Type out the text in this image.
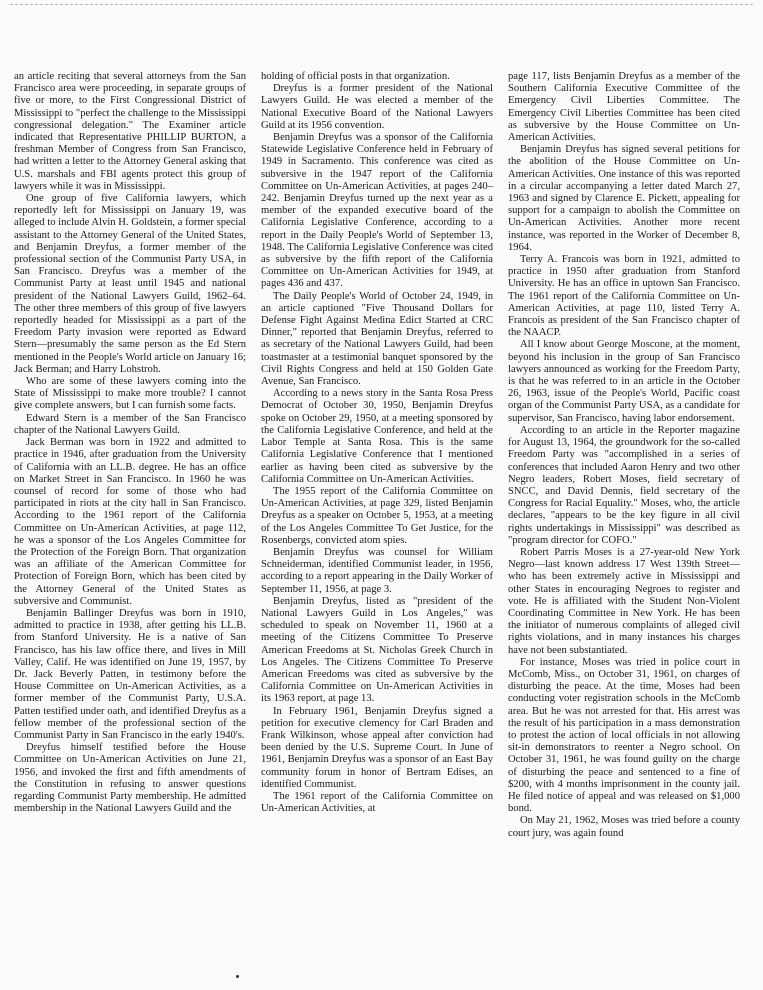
an article reciting that several attorneys from the San Francisco area were proceeding, in separate groups of five or more, to the First Congressional District of Mississippi to "perfect the challenge to the Mississippi congressional delegation." The Examiner article indicated that Representative PHILLIP BURTON, a freshman Member of Congress from San Francisco, had written a letter to the Attorney General asking that U.S. marshals and FBI agents protect this group of lawyers while it was in Mississippi.

One group of five California lawyers, which reportedly left for Mississippi on January 19, was alleged to include Alvin H. Goldstein, a former special assistant to the Attorney General of the United States, and Benjamin Dreyfus, a former member of the professional section of the Communist Party USA, in San Francisco. Dreyfus was a member of the Communist Party at least until 1945 and national president of the National Lawyers Guild, 1962–64. The other three members of this group of five lawyers reportedly headed for Mississippi as a part of the Freedom Party invasion were reported as Edward Stern—presumably the same person as the Ed Stern mentioned in the People's World article on January 16; Jack Berman; and Harry Lohstroh.

Who are some of these lawyers coming into the State of Mississippi to make more trouble? I cannot give complete answers, but I can furnish some facts.

Edward Stern is a member of the San Francisco chapter of the National Lawyers Guild.

Jack Berman was born in 1922 and admitted to practice in 1946, after graduation from the University of California with an LL.B. degree. He has an office on Market Street in San Francisco. In 1960 he was counsel of record for some of those who had participated in riots at the city hall in San Francisco. According to the 1961 report of the California Committee on Un-American Activities, at page 112, he was a sponsor of the Los Angeles Committee for the Protection of the Foreign Born. That organization was an affiliate of the American Committee for Protection of Foreign Born, which has been cited by the Attorney General of the United States as subversive and Communist.

Benjamin Ballinger Dreyfus was born in 1910, admitted to practice in 1938, after getting his LL.B. from Stanford University. He is a native of San Francisco, has his law office there, and lives in Mill Valley, Calif. He was identified on June 19, 1957, by Dr. Jack Beverly Patten, in testimony before the House Committee on Un-American Activities, as a former member of the Communist Party, U.S.A. Patten testified under oath, and identified Dreyfus as a fellow member of the professional section of the Communist Party in San Francisco in the early 1940's.

Dreyfus himself testified before the House Committee on Un-American Activities on June 21, 1956, and invoked the first and fifth amendments of the Constitution in refusing to answer questions regarding Communist Party membership. He admitted membership in the National Lawyers Guild and the

holding of official posts in that organization.

Dreyfus is a former president of the National Lawyers Guild. He was elected a member of the National Executive Board of the National Lawyers Guild at its 1956 convention.

Benjamin Dreyfus was a sponsor of the California Statewide Legislative Conference held in February of 1949 in Sacramento. This conference was cited as subversive in the 1947 report of the California Committee on Un-American Activities, at pages 240–242. Benjamin Dreyfus turned up the next year as a member of the expanded executive board of the California Legislative Conference, according to a report in the Daily People's World of September 13, 1948. The California Legislative Conference was cited as subversive by the fifth report of the California Committee on Un-American Activities for 1949, at pages 436 and 437.

The Daily People's World of October 24, 1949, in an article captioned "Five Thousand Dollars for Defense Fight Against Medina Edict Started at CRC Dinner," reported that Benjamin Dreyfus, referred to as secretary of the National Lawyers Guild, had been toastmaster at a testimonial banquet sponsored by the Civil Rights Congress and held at 150 Golden Gate Avenue, San Francisco.

According to a news story in the Santa Rosa Press Democrat of October 30, 1950, Benjamin Dreyfus spoke on October 29, 1950, at a meeting sponsored by the California Legislative Conference, and held at the Labor Temple at Santa Rosa. This is the same California Legislative Conference that I mentioned earlier as having been cited as subversive by the California Committee on Un-American Activities.

The 1955 report of the California Committee on Un-American Activities, at page 329, listed Benjamin Dreyfus as a speaker on October 5, 1953, at a meeting of the Los Angeles Committee To Get Justice, for the Rosenbergs, convicted atom spies.

Benjamin Dreyfus was counsel for William Schneiderman, identified Communist leader, in 1956, according to a report appearing in the Daily Worker of September 11, 1956, at page 3.

Benjamin Dreyfus, listed as "president of the National Lawyers Guild in Los Angeles," was scheduled to speak on November 11, 1960 at a meeting of the Citizens Committee To Preserve American Freedoms at St. Nicholas Greek Church in Los Angeles. The Citizens Committee To Preserve American Freedoms was cited as subversive by the California Committee on Un-American Activities in its 1963 report, at page 13.

In February 1961, Benjamin Dreyfus signed a petition for executive clemency for Carl Braden and Frank Wilkinson, whose appeal after conviction had been denied by the U.S. Supreme Court. In June of 1961, Benjamin Dreyfus was a sponsor of an East Bay community forum in honor of Bertram Edises, an identified Communist.

The 1961 report of the California Committee on Un-American Activities, at

page 117, lists Benjamin Dreyfus as a member of the Southern California Executive Committee of the Emergency Civil Liberties Committee. The Emergency Civil Liberties Committee has been cited as subversive by the House Committee on Un-American Activities.

Benjamin Dreyfus has signed several petitions for the abolition of the House Committee on Un-American Activities. One instance of this was reported in a circular accompanying a letter dated March 27, 1963 and signed by Clarence E. Pickett, appealing for support for a campaign to abolish the Committee on Un-American Activities. Another more recent instance, was reported in the Worker of December 8, 1964.

Terry A. Francois was born in 1921, admitted to practice in 1950 after graduation from Stanford University. He has an office in uptown San Francisco. The 1961 report of the California Committee on Un-American Activities, at page 110, listed Terry A. Francois as president of the San Francisco chapter of the NAACP.

All I know about George Moscone, at the moment, beyond his inclusion in the group of San Francisco lawyers announced as working for the Freedom Party, is that he was referred to in an article in the October 26, 1963, issue of the People's World, Pacific coast organ of the Communist Party USA, as a candidate for supervisor, San Francisco, having labor endorsement.

According to an article in the Reporter magazine for August 13, 1964, the groundwork for the so-called Freedom Party was "accomplished in a series of conferences that included Aaron Henry and two other Negro leaders, Robert Moses, field secretary of SNCC, and David Dennis, field secretary of the Congress for Racial Equality." Moses, who, the article declares, "appears to be the key figure in all civil rights undertakings in Mississippi" was described as "program director for COFO."

Robert Parris Moses is a 27-year-old New York Negro—last known address 17 West 139th Street—who has been extremely active in Mississippi and other States in encouraging Negroes to register and vote. He is affiliated with the Student Non-Violent Coordinating Committee in New York. He has been the initiator of numerous complaints of alleged civil rights violations, and in many instances his charges have not been substantiated.

For instance, Moses was tried in police court in McComb, Miss., on October 31, 1961, on charges of disturbing the peace. At the time, Moses had been conducting voter registration schools in the McComb area. But he was not arrested for that. His arrest was the result of his participation in a mass demonstration to protest the action of local officials in not allowing sit-in demonstrators to reenter a Negro school. On October 31, 1961, he was found guilty on the charge of disturbing the peace and sentenced to a fine of $200, with 4 months imprisonment in the county jail. He filed notice of appeal and was released on $1,000 bond.

On May 21, 1962, Moses was tried before a county court jury, was again found
